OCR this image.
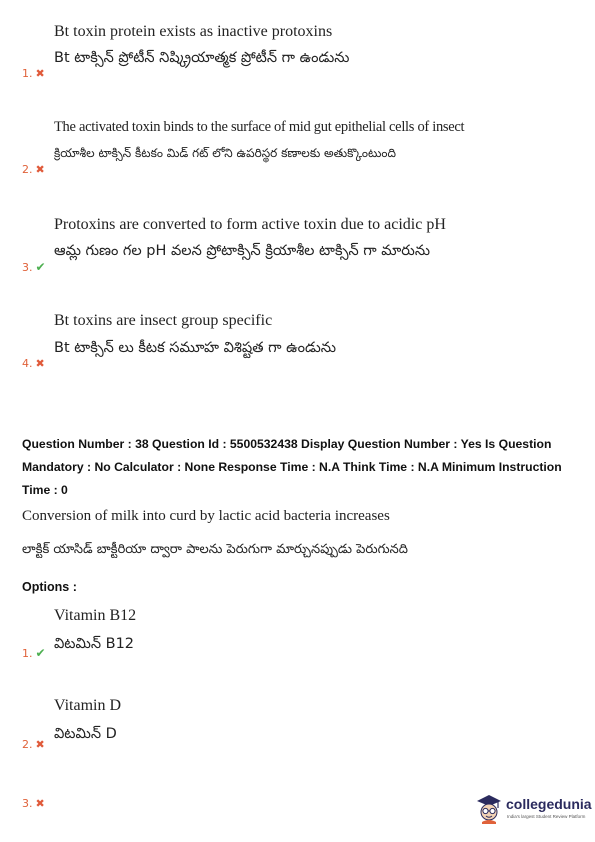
Bt toxin protein exists as inactive protoxins
Bt టాక్సిన్ ప్రోటీన్ నిష్క్రియాత్మక ప్రోటీన్ గా ఉండును
1. ✖
The activated toxin binds to the surface of mid gut epithelial cells of insect
క్రియాశీల టాక్సిన్ కీటకం మిడ్ గట్ లోని ఉపరిస్థర కణాలకు అతుక్కొంటుంది
2. ✖
Protoxins are converted to form active toxin due to acidic pH
ఆమ్ల గుణం గల pH వలన ప్రోటాక్సిన్ క్రియాశీల టాక్సిన్ గా మారును
3. ✔
Bt toxins are insect group specific
Bt టాక్సిన్ లు కీటక సమూహ విశిష్టత గా ఉండును
4. ✖
Question Number : 38 Question Id : 5500532438 Display Question Number : Yes Is Question
Mandatory : No Calculator : None Response Time : N.A Think Time : N.A Minimum Instruction
Time : 0
Conversion of milk into curd by lactic acid bacteria increases
లాక్టిక్ యాసిడ్ బాక్టీరియా ద్వారా పాలను పెరుగుగా మార్చునప్పుడు పెరుగునది
Options :
Vitamin B12
విటమిన్ B12
1. ✔
Vitamin D
విటమిన్ D
2. ✖
3. ✖	collegedunia
India's largest Student Review Platform
